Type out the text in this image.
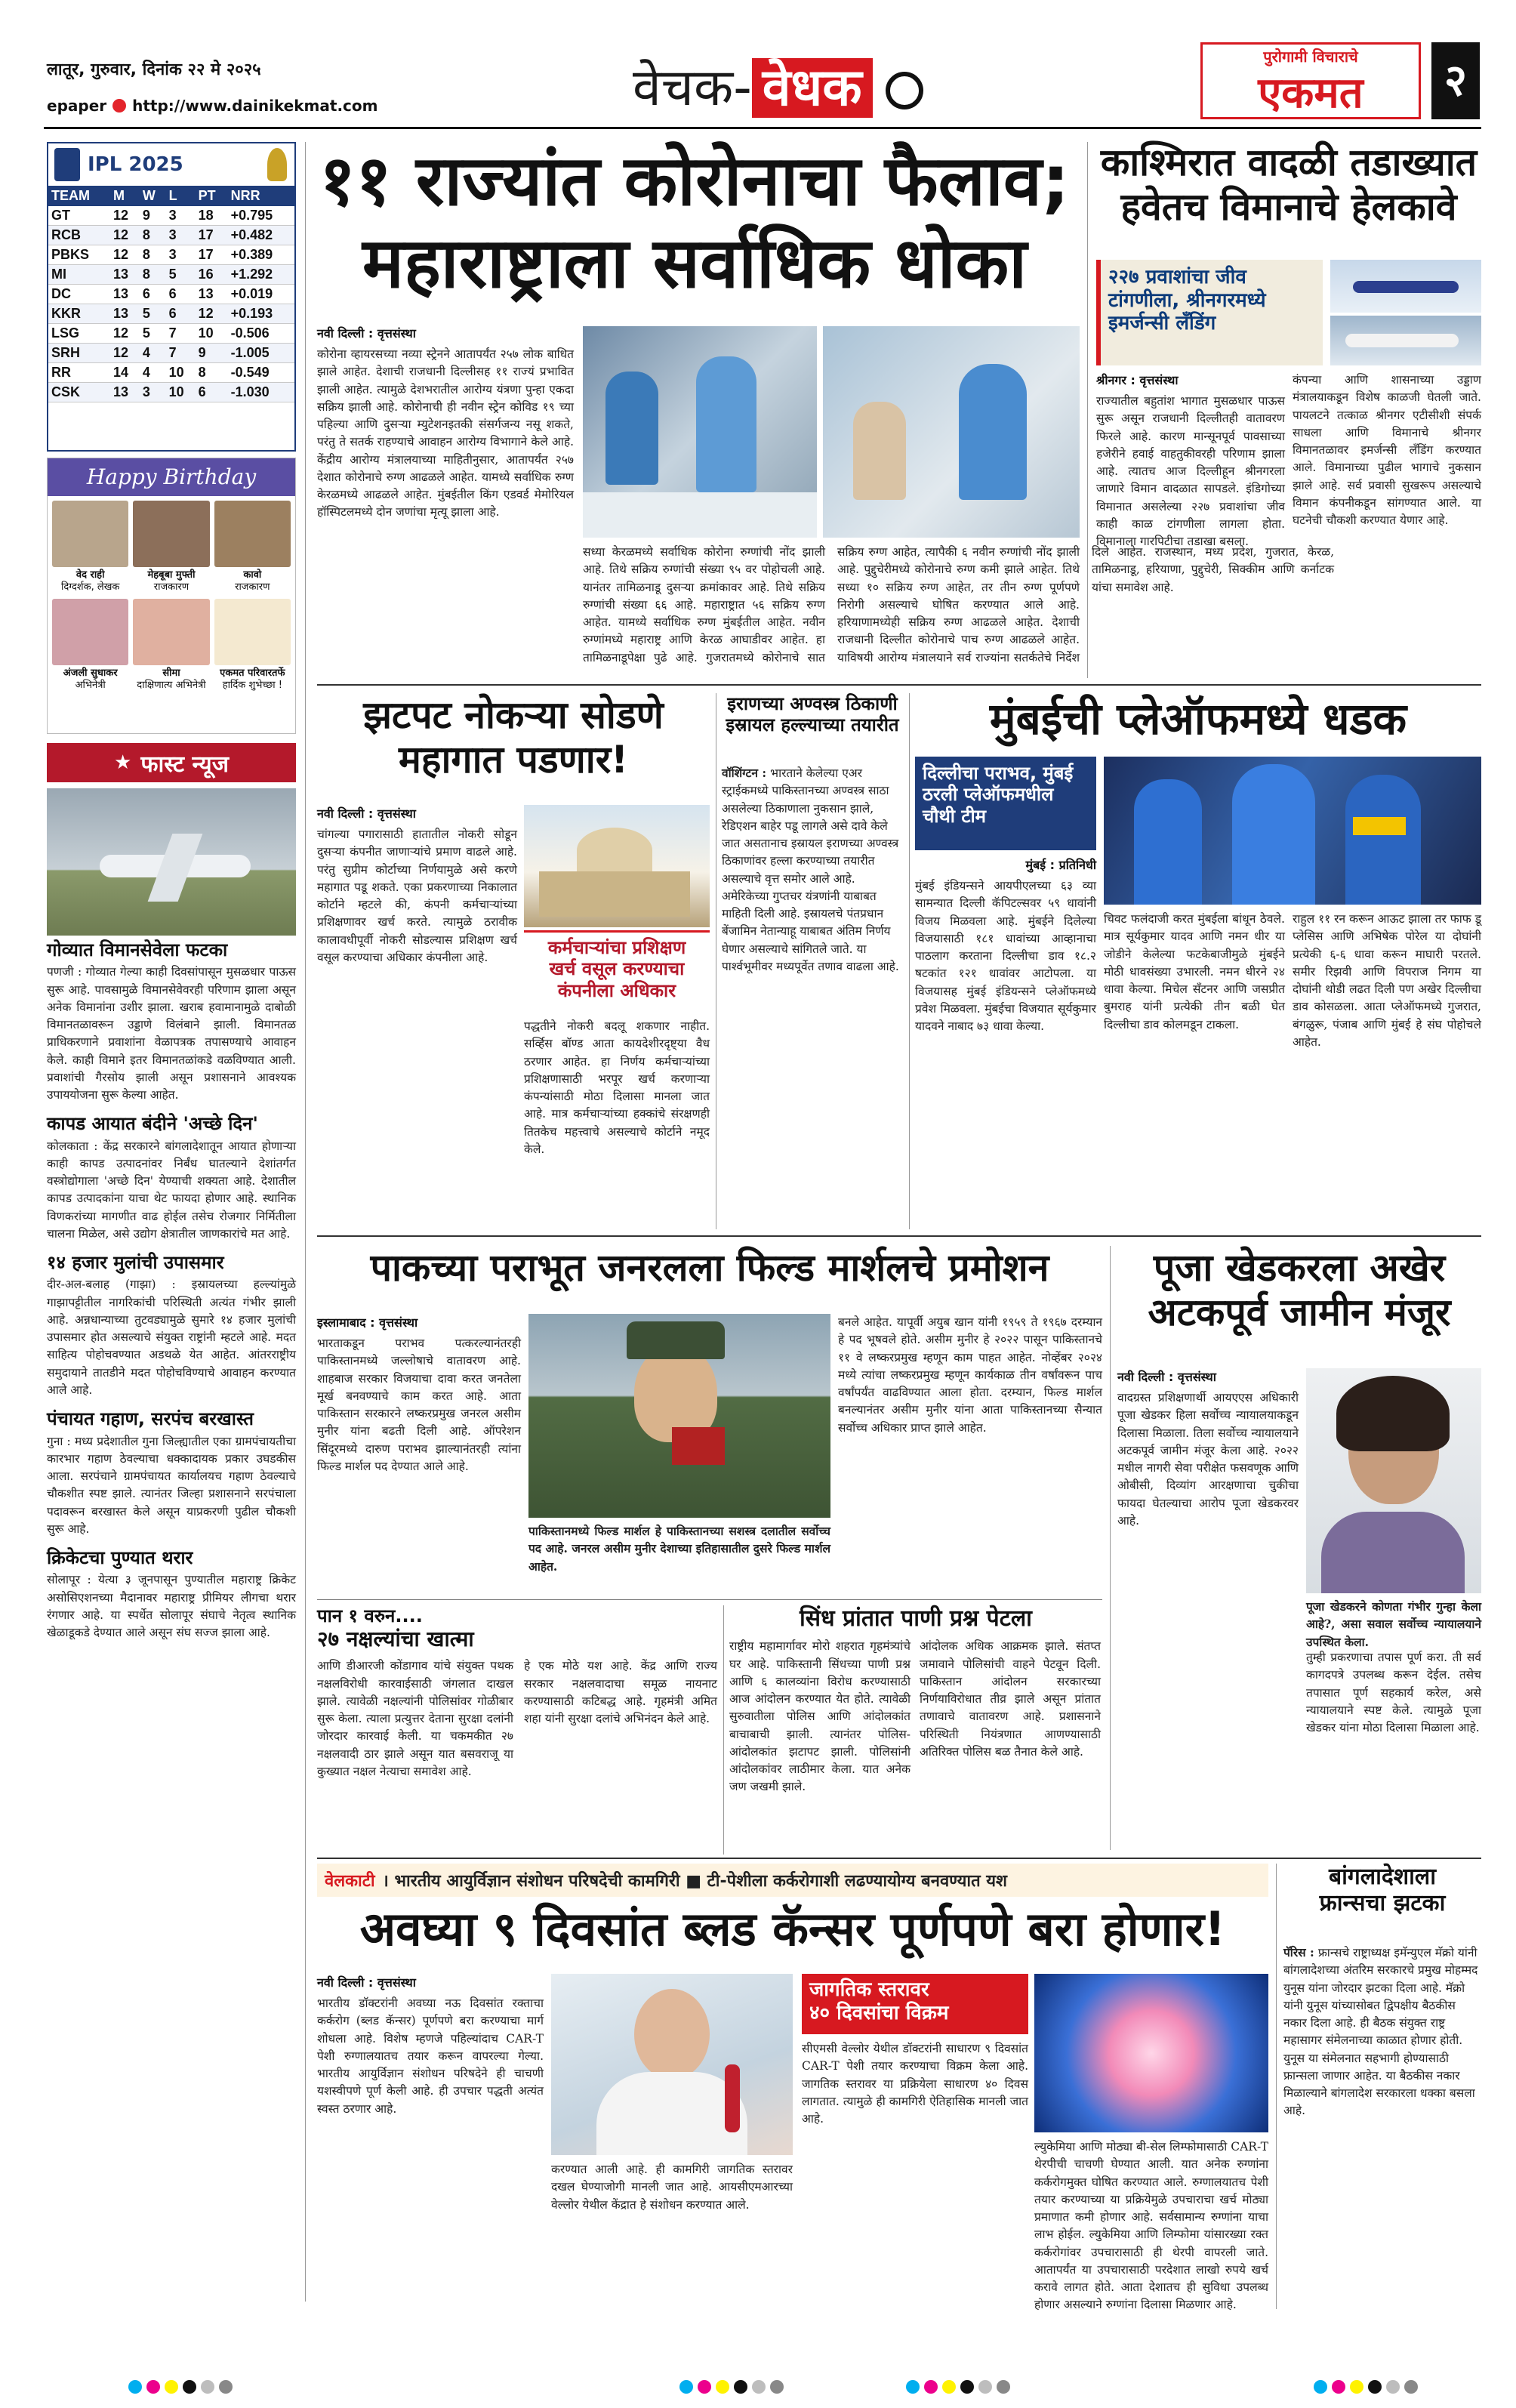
लातूर, गुरुवार, दिनांक २२ मे २०२५
epaper http://www.dainikekmat.com	वेचक- वेधक
पुरोगामी विचाराचे
एकमत	२
IPL 2025
TEAM	M	W	L	PT	NRR
GT	12	9	3	18	+0.795
RCB	12	8	3	17	+0.482
PBKS	12	8	3	17	+0.389
MI	13	8	5	16	+1.292
DC	13	6	6	13	+0.019
KKR	13	5	6	12	+0.193
LSG	12	5	7	10	-0.506
SRH	12	4	7	9	-1.005
RR	14	4	10	8	-0.549
CSK	13	3	10	6	-1.030
Happy Birthday
वेद राही
दिग्दर्शक, लेखक
मेहबूबा मुफ्ती
राजकारण
कावो
राजकारण
अंजली सुधाकर
अभिनेत्री
सीमा
दाक्षिणात्य अभिनेत्री
एकमत परिवारतर्फे
हार्दिक शुभेच्छा !
★ फास्ट न्यूज
गोव्यात विमानसेवेला फटका
पणजी : गोव्यात गेल्या काही दिवसांपासून मुसळधार पाऊस सुरू आहे. पावसामुळे विमानसेवेवरही परिणाम झाला असून अनेक विमानांना उशीर झाला. खराब हवामानामुळे दाबोळी विमानतळावरून उड्डाणे विलंबाने झाली. विमानतळ प्राधिकरणाने प्रवाशांना वेळापत्रक तपासण्याचे आवाहन केले. काही विमाने इतर विमानतळांकडे वळविण्यात आली. प्रवाशांची गैरसोय झाली असून प्रशासनाने आवश्यक उपाययोजना सुरू केल्या आहेत.
कापड आयात बंदीने 'अच्छे दिन'
कोलकाता : केंद्र सरकारने बांगलादेशातून आयात होणाऱ्या काही कापड उत्पादनांवर निर्बंध घातल्याने देशांतर्गत वस्त्रोद्योगाला 'अच्छे दिन' येण्याची शक्यता आहे. देशातील कापड उत्पादकांना याचा थेट फायदा होणार आहे. स्थानिक विणकरांच्या मागणीत वाढ होईल तसेच रोजगार निर्मितीला चालना मिळेल, असे उद्योग क्षेत्रातील जाणकारांचे मत आहे.
१४ हजार मुलांची उपासमार
दीर-अल-बलाह (गाझा) : इस्रायलच्या हल्ल्यांमुळे गाझापट्टीतील नागरिकांची परिस्थिती अत्यंत गंभीर झाली आहे. अन्नधान्याच्या तुटवड्यामुळे सुमारे १४ हजार मुलांची उपासमार होत असल्याचे संयुक्त राष्ट्रांनी म्हटले आहे. मदत साहित्य पोहोचवण्यात अडथळे येत आहेत. आंतरराष्ट्रीय समुदायाने तातडीने मदत पोहोचविण्याचे आवाहन करण्यात आले आहे.
पंचायत गहाण, सरपंच बरखास्त
गुना : मध्य प्रदेशातील गुना जिल्ह्यातील एका ग्रामपंचायतीचा कारभार गहाण ठेवल्याचा धक्कादायक प्रकार उघडकीस आला. सरपंचाने ग्रामपंचायत कार्यालयच गहाण ठेवल्याचे चौकशीत स्पष्ट झाले. त्यानंतर जिल्हा प्रशासनाने सरपंचाला पदावरून बरखास्त केले असून याप्रकरणी पुढील चौकशी सुरू आहे.
क्रिकेटचा पुण्यात थरार
सोलापूर : येत्या ३ जूनपासून पुण्यातील महाराष्ट्र क्रिकेट असोसिएशनच्या मैदानावर महाराष्ट्र प्रीमियर लीगचा थरार रंगणार आहे. या स्पर्धेत सोलापूर संघाचे नेतृत्व स्थानिक खेळाडूकडे देण्यात आले असून संघ सज्ज झाला आहे.
११ राज्यांत कोरोनाचा फैलाव;
महाराष्ट्राला सर्वाधिक धोका
नवी दिल्ली : वृत्तसंस्था
कोरोना व्हायरसच्या नव्या स्ट्रेनने आतापर्यंत २५७ लोक बाधित झाले आहेत. देशाची राजधानी दिल्लीसह ११ राज्यं प्रभावित झाली आहेत. त्यामुळे देशभरातील आरोग्य यंत्रणा पुन्हा एकदा सक्रिय झाली आहे. कोरोनाची ही नवीन स्ट्रेन कोविड १९ च्या पहिल्या आणि दुसऱ्या म्युटेशनइतकी संसर्गजन्य नसू शकते, परंतु ते सतर्क राहण्याचे आवाहन आरोग्य विभागाने केले आहे. केंद्रीय आरोग्य मंत्रालयाच्या माहितीनुसार, आतापर्यंत २५७ देशात कोरोनाचे रुग्ण आढळले आहेत. यामध्ये सर्वाधिक रुग्ण केरळमध्ये आढळले आहेत. मुंबईतील किंग एडवर्ड मेमोरियल हॉस्पिटलमध्ये दोन जणांचा मृत्यू झाला आहे.
सध्या केरळमध्ये सर्वाधिक कोरोना रुग्णांची नोंद झाली आहे. तिथे सक्रिय रुग्णांची संख्या ९५ वर पोहोचली आहे. यानंतर तामिळनाडू दुसऱ्या क्रमांकावर आहे. तिथे सक्रिय रुग्णांची संख्या ६६ आहे. महाराष्ट्रात ५६ सक्रिय रुग्ण आहेत. यामध्ये सर्वाधिक रुग्ण मुंबईतील आहेत. नवीन रुग्णांमध्ये महाराष्ट्र आणि केरळ आघाडीवर आहेत. हा तामिळनाडूपेक्षा पुढे आहे. गुजरातमध्ये कोरोनाचे सात सक्रिय रुग्ण आहेत, त्यापैकी ६ नवीन रुग्णांची नोंद झाली आहे. पुद्दुचेरीमध्ये कोरोनाचे रुग्ण कमी झाले आहेत. तिथे सध्या १० सक्रिय रुग्ण आहेत, तर तीन रुग्ण पूर्णपणे निरोगी असल्याचे घोषित करण्यात आले आहे. हरियाणामध्येही सक्रिय रुग्ण आढळले आहेत. देशाची राजधानी दिल्लीत कोरोनाचे पाच रुग्ण आढळले आहेत. याविषयी आरोग्य मंत्रालयाने सर्व राज्यांना सतर्कतेचे निर्देश दिले आहेत. राजस्थान, मध्य प्रदेश, गुजरात, केरळ, तामिळनाडू, हरियाणा, पुद्दुचेरी, सिक्कीम आणि कर्नाटक यांचा समावेश आहे.
काश्मिरात वादळी तडाख्यात
हवेतच विमानाचे हेलकावे
२२७ प्रवाशांचा जीव
टांगणीला, श्रीनगरमध्ये
इमर्जन्सी लँडिंग
श्रीनगर : वृत्तसंस्था
राज्यातील बहुतांश भागात मुसळधार पाऊस सुरू असून राजधानी दिल्लीतही वातावरण फिरले आहे. कारण मान्सूनपूर्व पावसाच्या हजेरीने हवाई वाहतुकीवरही परिणाम झाला आहे. त्यातच आज दिल्लीहून श्रीनगरला जाणारे विमान वादळात सापडले. इंडिगोच्या विमानात असलेल्या २२७ प्रवाशांचा जीव काही काळ टांगणीला लागला होता. विमानाला गारपिटीचा तडाखा बसला.
कंपन्या आणि शासनाच्या उड्डाण मंत्रालयाकडून विशेष काळजी घेतली जाते. पायलटने तत्काळ श्रीनगर एटीसीशी संपर्क साधला आणि विमानाचे श्रीनगर विमानतळावर इमर्जन्सी लँडिंग करण्यात आले. विमानाच्या पुढील भागाचे नुकसान झाले आहे. सर्व प्रवासी सुखरूप असल्याचे विमान कंपनीकडून सांगण्यात आले. या घटनेची चौकशी करण्यात येणार आहे.
झटपट नोकऱ्या सोडणे
महागात पडणार!
नवी दिल्ली : वृत्तसंस्था
चांगल्या पगारासाठी हातातील नोकरी सोडून दुसऱ्या कंपनीत जाणाऱ्यांचे प्रमाण वाढले आहे. परंतु सुप्रीम कोर्टाच्या निर्णयामुळे असे करणे महागात पडू शकते. एका प्रकरणाच्या निकालात कोर्टाने म्हटले की, कंपनी कर्मचाऱ्यांच्या प्रशिक्षणावर खर्च करते. त्यामुळे ठरावीक कालावधीपूर्वी नोकरी सोडल्यास प्रशिक्षण खर्च वसूल करण्याचा अधिकार कंपनीला आहे.	कर्मचाऱ्यांचा प्रशिक्षण
खर्च वसूल करण्याचा
कंपनीला अधिकार
पद्धतीने नोकरी बदलू शकणार नाहीत. सर्व्हिस बॉण्ड आता कायदेशीरदृष्ट्या वैध ठरणार आहेत. हा निर्णय कर्मचाऱ्यांच्या प्रशिक्षणासाठी भरपूर खर्च करणाऱ्या कंपन्यांसाठी मोठा दिलासा मानला जात आहे. मात्र कर्मचाऱ्यांच्या हक्कांचे संरक्षणही तितकेच महत्त्वाचे असल्याचे कोर्टाने नमूद केले.
इराणच्या अण्वस्त्र ठिकाणी
इस्रायल हल्ल्याच्या तयारीत
वॉशिंग्टन : भारताने केलेल्या एअर स्ट्राईकमध्ये पाकिस्तानच्या अण्वस्त्र साठा असलेल्या ठिकाणाला नुकसान झाले, रेडिएशन बाहेर पडू लागले असे दावे केले जात असतानाच इस्रायल इराणच्या अण्वस्त्र ठिकाणांवर हल्ला करण्याच्या तयारीत असल्याचे वृत्त समोर आले आहे. अमेरिकेच्या गुप्तचर यंत्रणांनी याबाबत माहिती दिली आहे. इस्रायलचे पंतप्रधान बेंजामिन नेतान्याहू याबाबत अंतिम निर्णय घेणार असल्याचे सांगितले जाते. या पार्श्वभूमीवर मध्यपूर्वेत तणाव वाढला आहे.
मुंबईची प्लेऑफमध्ये धडक
दिल्लीचा पराभव, मुंबई
ठरली प्लेऑफमधील
चौथी टीम
मुंबई : प्रतिनिधी
मुंबई इंडियन्सने आयपीएलच्या ६३ व्या सामन्यात दिल्ली कॅपिटल्सवर ५९ धावांनी विजय मिळवला आहे. मुंबईने दिलेल्या विजयासाठी १८१ धावांच्या आव्हानाचा पाठलाग करताना दिल्लीचा डाव १८.२ षटकांत १२१ धावांवर आटोपला. या विजयासह मुंबई इंडियन्सने प्लेऑफमध्ये प्रवेश मिळवला. मुंबईचा विजयात सूर्यकुमार यादवने नाबाद ७३ धावा केल्या.
चिवट फलंदाजी करत मुंबईला बांधून ठेवले. मात्र सूर्यकुमार यादव आणि नमन धीर या जोडीने केलेल्या फटकेबाजीमुळे मुंबईने मोठी धावसंख्या उभारली. नमन धीरने २४ धावा केल्या. मिचेल सँटनर आणि जसप्रीत बुमराह यांनी प्रत्येकी तीन बळी घेत दिल्लीचा डाव कोलमडून टाकला.
राहुल ११ रन करून आऊट झाला तर फाफ डू प्लेसिस आणि अभिषेक पोरेल या दोघांनी प्रत्येकी ६-६ धावा करून माघारी परतले. समीर रिझवी आणि विपराज निगम या दोघांनी थोडी लढत दिली पण अखेर दिल्लीचा डाव कोसळला. आता प्लेऑफमध्ये गुजरात, बंगळुरू, पंजाब आणि मुंबई हे संघ पोहोचले आहेत.
पाकच्या पराभूत जनरलला फिल्ड मार्शलचे प्रमोशन
इस्लामाबाद : वृत्तसंस्था
भारताकडून पराभव पत्करल्यानंतरही पाकिस्तानमध्ये जल्लोषाचे वातावरण आहे. शाहबाज सरकार विजयाचा दावा करत जनतेला मूर्ख बनवण्याचे काम करत आहे. आता पाकिस्तान सरकारने लष्करप्रमुख जनरल असीम मुनीर यांना बढती दिली आहे. ऑपरेशन सिंदूरमध्ये दारुण पराभव झाल्यानंतरही त्यांना फिल्ड मार्शल पद देण्यात आले आहे.
पाकिस्तानमध्ये फिल्ड मार्शल हे पाकिस्तानच्या सशस्त्र दलातील सर्वोच्च पद आहे. जनरल असीम मुनीर देशाच्या इतिहासातील दुसरे फिल्ड मार्शल आहेत.
बनले आहेत. यापूर्वी अयुब खान यांनी १९५९ ते १९६७ दरम्यान हे पद भूषवले होते. असीम मुनीर हे २०२२ पासून पाकिस्तानचे ११ वे लष्करप्रमुख म्हणून काम पाहत आहेत. नोव्हेंबर २०२४ मध्ये त्यांचा लष्करप्रमुख म्हणून कार्यकाळ तीन वर्षांवरून पाच वर्षांपर्यंत वाढविण्यात आला होता. दरम्यान, फिल्ड मार्शल बनल्यानंतर असीम मुनीर यांना आता पाकिस्तानच्या सैन्यात सर्वोच्च अधिकार प्राप्त झाले आहेत.
पूजा खेडकरला अखेर
अटकपूर्व जामीन मंजूर
नवी दिल्ली : वृत्तसंस्था
वादग्रस्त प्रशिक्षणार्थी आयएएस अधिकारी पूजा खेडकर हिला सर्वोच्च न्यायालयाकडून दिलासा मिळाला. तिला सर्वोच्च न्यायालयाने अटकपूर्व जामीन मंजूर केला आहे. २०२२ मधील नागरी सेवा परीक्षेत फसवणूक आणि ओबीसी, दिव्यांग आरक्षणाचा चुकीचा फायदा घेतल्याचा आरोप पूजा खेडकरवर आहे.
पूजा खेडकरने कोणता गंभीर गुन्हा केला आहे?, असा सवाल सर्वोच्च न्यायालयाने उपस्थित केला.
तुम्ही प्रकरणाचा तपास पूर्ण करा. ती सर्व कागदपत्रे उपलब्ध करून देईल. तसेच तपासात पूर्ण सहकार्य करेल, असे न्यायालयाने स्पष्ट केले. त्यामुळे पूजा खेडकर यांना मोठा दिलासा मिळाला आहे.
पान १ वरुन....
२७ नक्षल्यांचा खात्मा
आणि डीआरजी कोंडागाव यांचे संयुक्त पथक नक्षलविरोधी कारवाईसाठी जंगलात दाखल झाले. त्यावेळी नक्षल्यांनी पोलिसांवर गोळीबार सुरू केला. त्याला प्रत्युत्तर देताना सुरक्षा दलांनी जोरदार कारवाई केली. या चकमकीत २७ नक्षलवादी ठार झाले असून यात बसवराजू या कुख्यात नक्षल नेत्याचा समावेश आहे.
हे एक मोठे यश आहे. केंद्र आणि राज्य सरकार नक्षलवादाचा समूळ नायनाट करण्यासाठी कटिबद्ध आहे. गृहमंत्री अमित शहा यांनी सुरक्षा दलांचे अभिनंदन केले आहे.
सिंध प्रांतात पाणी प्रश्न पेटला
राष्ट्रीय महामार्गावर मोरो शहरात गृहमंत्र्यांचे घर आहे. पाकिस्तानी सिंधच्या पाणी प्रश्न आणि ६ कालव्यांना विरोध करण्यासाठी आज आंदोलन करण्यात येत होते. त्यावेळी सुरुवातीला पोलिस आणि आंदोलकांत बाचाबाची झाली. त्यानंतर पोलिस-आंदोलकांत झटापट झाली. पोलिसांनी आंदोलकांवर लाठीमार केला. यात अनेक जण जखमी झाले.
आंदोलक अधिक आक्रमक झाले. संतप्त जमावाने पोलिसांची वाहने पेटवून दिली. पाकिस्तान आंदोलन सरकारच्या निर्णयाविरोधात तीव्र झाले असून प्रांतात तणावाचे वातावरण आहे. प्रशासनाने परिस्थिती नियंत्रणात आणण्यासाठी अतिरिक्त पोलिस बळ तैनात केले आहे.
वेलकाटी । भारतीय आयुर्विज्ञान संशोधन परिषदेची कामगिरी ■ टी-पेशीला कर्करोगाशी लढण्यायोग्य बनवण्यात यश
अवघ्या ९ दिवसांत ब्लड कॅन्सर पूर्णपणे बरा होणार!
नवी दिल्ली : वृत्तसंस्था
भारतीय डॉक्टरांनी अवघ्या नऊ दिवसांत रक्ताचा कर्करोग (ब्लड कॅन्सर) पूर्णपणे बरा करण्याचा मार्ग शोधला आहे. विशेष म्हणजे पहिल्यांदाच CAR-T पेशी रुग्णालयातच तयार करून वापरल्या गेल्या. भारतीय आयुर्विज्ञान संशोधन परिषदेने ही चाचणी यशस्वीपणे पूर्ण केली आहे. ही उपचार पद्धती अत्यंत स्वस्त ठरणार आहे.
करण्यात आली आहे. ही कामगिरी जागतिक स्तरावर दखल घेण्याजोगी मानली जात आहे. आयसीएमआरच्या वेल्लोर येथील केंद्रात हे संशोधन करण्यात आले.
जागतिक स्तरावर
४० दिवसांचा विक्रम
सीएमसी वेल्लोर येथील डॉक्टरांनी साधारण ९ दिवसांत CAR-T पेशी तयार करण्याचा विक्रम केला आहे. जागतिक स्तरावर या प्रक्रियेला साधारण ४० दिवस लागतात. त्यामुळे ही कामगिरी ऐतिहासिक मानली जात आहे.
ल्युकेमिया आणि मोठ्या बी-सेल लिम्फोमासाठी CAR-T थेरपीची चाचणी घेण्यात आली. यात अनेक रुग्णांना कर्करोगमुक्त घोषित करण्यात आले. रुग्णालयातच पेशी तयार करण्याच्या या प्रक्रियेमुळे उपचाराचा खर्च मोठ्या प्रमाणात कमी होणार आहे. सर्वसामान्य रुग्णांना याचा लाभ होईल. ल्युकेमिया आणि लिम्फोमा यांसारख्या रक्त कर्करोगांवर उपचारासाठी ही थेरपी वापरली जाते. आतापर्यंत या उपचारासाठी परदेशात लाखो रुपये खर्च करावे लागत होते. आता देशातच ही सुविधा उपलब्ध होणार असल्याने रुग्णांना दिलासा मिळणार आहे.
बांगलादेशाला
फ्रान्सचा झटका
पॅरिस : फ्रान्सचे राष्ट्राध्यक्ष इमॅन्युएल मॅक्रो यांनी बांगलादेशच्या अंतरिम सरकारचे प्रमुख मोहम्मद युनूस यांना जोरदार झटका दिला आहे. मॅक्रो यांनी युनूस यांच्यासोबत द्विपक्षीय बैठकीस नकार दिला आहे. ही बैठक संयुक्त राष्ट्र महासागर संमेलनाच्या काळात होणार होती. युनूस या संमेलनात सहभागी होण्यासाठी फ्रान्सला जाणार आहेत. या बैठकीस नकार मिळाल्याने बांगलादेश सरकारला धक्का बसला आहे.
